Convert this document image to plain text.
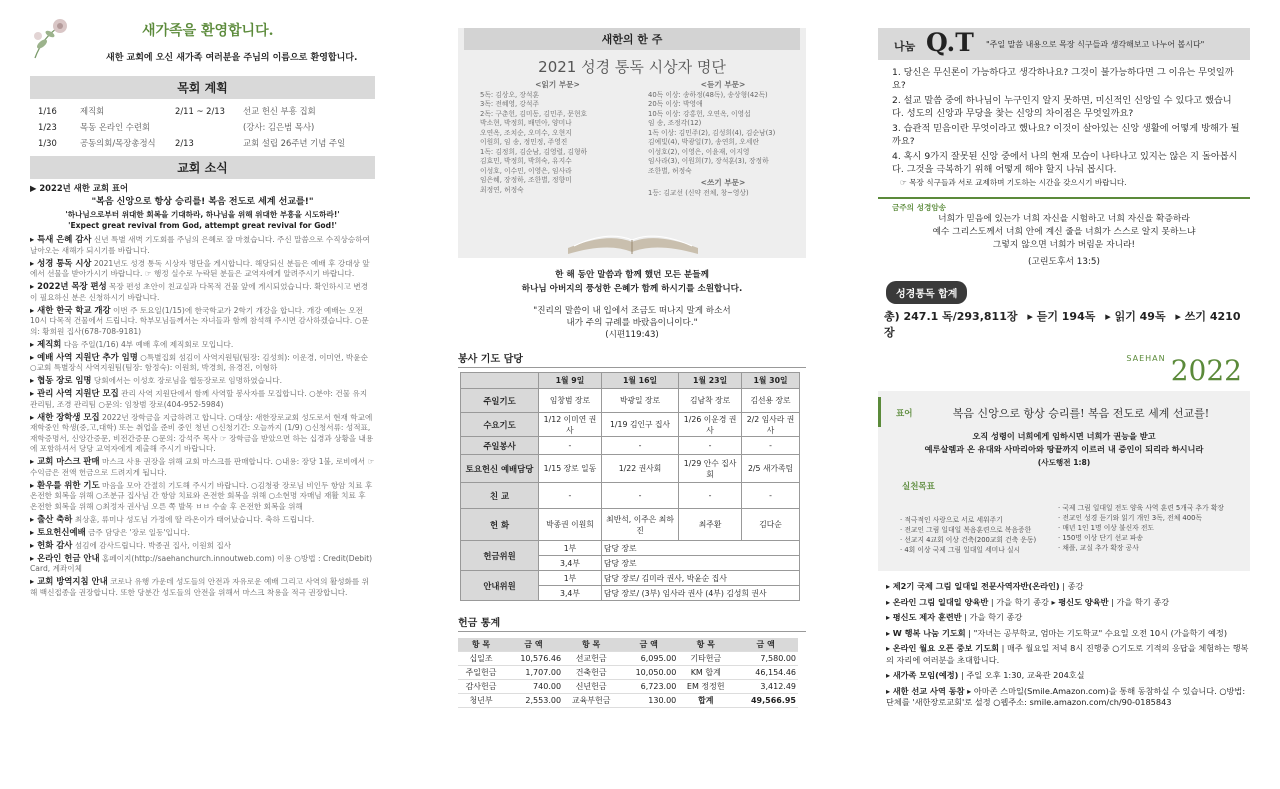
새가족을 환영합니다.
새한 교회에 오신 새가족 여러분을 주님의 이름으로 환영합니다.
목회 계획
1/16	제직회	2/11 ~ 2/13	선교 헌신 부흥 집회
1/23	목동 온라인 수련회		(강사: 김은범 목사)
1/30	공동의회/목장총정식	2/13	교회 설립 26주년 기념 주일
교회 소식
▶ 2022년 새한 교회 표어
"복음 신앙으로 항상 승리를! 복음 전도로 세계 선교를!"
'하나님으로부터 위대한 회복을 기대하라, 하나님을 위해 위대한 부흥을 시도하라!'
'Expect great revival from God, attempt great revival for God!'
▸ 특새 은혜 감사 신년 특별 새벽 기도회를 주님의 은혜로 잘 마쳤습니다. 주신 말씀으로 수직상승하여 날아오는 새해가 되시기를 바랍니다.
▸ 성경 통독 시상 2021년도 성경 통독 시상자 명단을 게시합니다. 해당되신 분들은 예배 후 강대상 앞에서 선물을 받아가시기 바랍니다. ☞ 행정 실수로 누락된 분들은 교역자에게 알려주시기 바랍니다.
▸ 2022년 목장 편성 목장 편성 초안이 친교실과 다목적 건물 앞에 게시되었습니다. 확인하시고 변경이 필요하신 분은 신청하시기 바랍니다.
▸ 새한 한국 학교 개강 이번 주 토요일(1/15)에 한국학교가 2학기 개강을 합니다. 개강 예배는 오전 10시 다목적 건물에서 드립니다. 학부모님들께서는 자녀들과 함께 참석해 주시면 감사하겠습니다. ○문의: 황희원 집사(678-708-9181)
▸ 제직회 다음 주일(1/16) 4부 예배 후에 제직회로 모입니다.
▸ 예배 사역 지원단 추가 임명 ○특별집회 섬김이 사역지원팀(팀장: 김성희): 이운경, 이미연, 박윤순 ○교회 특별장식 사역지원팀(팀장: 함정숙): 이원희, 박경희, 유경진, 이형하
▸ 협동 장로 임명 당회에서는 이성호 장로님을 협동장로로 임명하였습니다.
▸ 관리 사역 지원단 모집 관리 사역 지원단에서 함께 사역할 봉사자를 모집합니다. ○분야: 건물 유지 관리팀, 조경 관리팀 ○문의: 임창범 장로(404-952-5984)
▸ 새한 장학생 모집 2022년 장학금을 지급하려고 합니다. ○대상: 새한장로교회 성도로서 현재 학교에 재학중인 학생(중,고,대학) 또는 취업을 준비 중인 청년 ○신청기간: 오늘까지 (1/9) ○신청서류: 성적표, 재학증명서, 신앙간증문, 비전간증문 ○문의: 강석주 목사 ☞ 장학금을 받았으면 하는 십경과 상황을 내용에 포함하셔서 당당 교역자에게 제출해 주시기 바랍니다.
▸ 교회 마스크 판매 마스크 사용 권장을 위해 교회 마스크를 판매합니다. ○내용: 장당 1불, 로비에서 ☞ 수익금은 전액 헌금으로 드려지게 됩니다.
▸ 환우를 위한 기도 마음을 모아 간절히 기도해 주시기 바랍니다. ○김청광 장로님 비인두 항암 치료 후 온전한 회복을 위해 ○조분규 집사님 간 항암 치료와 온전한 회복을 위해 ○소현명 자매님 재활 치료 후 온전한 회복을 위해 ○최정자 권사님 오른 쪽 발목 ㅂㅂ 수술 후 온전한 회복을 위해
▸ 출산 축하 최상훈, 류미나 성도님 가정에 딸 라온이가 태어났습니다. 축하 드립니다.
▸ 토요헌신예배 금주 담당은 '장로 일동'입니다.
▸ 헌화 감사 섬김에 감사드립니다. 박종권 집사, 이원희 집사
▸ 온라인 헌금 안내 홈페이지(http://saehanchurch.innoutweb.com) 이용 ○방법 : Credit(Debit) Card, 계좌이체
▸ 교회 방역지침 안내 코로나 유행 가운데 성도들의 안전과 자유로운 예배 그리고 사역의 활성화를 위해 백신접종을 권장합니다. 또한 당분간 성도들의 안전을 위해서 마스크 착용을 적극 권장합니다.
새한의 한 주
2021 성경 통독 시상자 명단
<읽기 부문>
5독: 김상오, 장석훈
3독: 전혜영, 강석주
2독: 구춘헌, 김미동, 김민주, 문현호
박소현, 박정희, 배민아, 양미나
오연옥, 조치순, 오미수, 오현지
이원희, 임 송, 정민정, 주영진
1독: 김정희, 김순남, 김영렬, 김형하
김효민, 박정희, 박희숙, 유지수
이성호, 이수민, 이영은, 임사라
임은혜, 장정하, 조한별, 정향미
최정연, 허정숙
<듣기 부문>
40독 이상: 송하정(48독), 송상형(42독)
20독 이상: 박영애
10독 이상: 강홍헌, 오연옥, 이영섭
임 송, 조정각(12)
1독 이상: 김민주(2), 김성희(4), 김순남(3)
김예빛(4), 박광일(7), 송연희, 오세란
이성호(2), 이영은, 이윤재, 이지영
임사라(3), 이원희(7), 장석훈(3), 장정하
조한별, 허정숙
<쓰기 부문>
1등: 김교선 (신약 전체, 창~영상)
한 해 동안 말씀과 함께 했던 모든 분들께
하나님 아버지의 풍성한 은혜가 함께 하시기를 소원합니다.
"진리의 말씀이 내 입에서 조금도 떠나지 말게 하소서
내가 주의 규례를 바랐음이니이다."
(시편119:43)
봉사 기도 담당
	1월 9일	1월 16일	1월 23일	1월 30일
주일기도	임창범 장로	박광일 장로	김남착 장로	김선용 장로
수요기도	1/12 이미연 권사	1/19 김인구 집사	1/26 이운경 권사	2/2 임사라 권사
주일봉사	-	-	-	-
토요헌신 예배담당	1/15 장로 일동	1/22 권사회	1/29 안수 집사회	2/5 새가족팀
친 교	-	-	-	-
헌 화	박종권 이원희	최반석, 이주은 최하진	최주환	김다순
헌금위원	1부	담당 장로		
	3,4부	담당 장로		
안내위원	1부	담당 장로/ 김미라 권사, 박윤순 집사		
	3,4부	담당 장로/ (3부) 임사라 권사 (4부) 김성희 권사		
헌금 통계
항 목	금 액	항 목	금 액	항 목	금 액
십일조	10,576.46	선교헌금	6,095.00	기타헌금	7,580.00
주일헌금	1,707.00	건축헌금	10,050.00	KM 합계	46,154.46
감사헌금	740.00	신년헌금	6,723.00	EM 정정헌	3,412.49
청년부	2,553.00	교육부헌금	130.00	합계	49,566.95
나눔 Q.T "주일 말씀 내용으로 목장 식구들과 생각해보고 나누어 봅시다"
1. 당신은 무신론이 가능하다고 생각하나요? 그것이 불가능하다면 그 이유는 무엇일까요?
2. 설교 말씀 중에 하나님이 누구인지 알지 못하면, 미신적인 신앙일 수 있다고 했습니다. 성도의 신앙과 무당을 찾는 신앙의 차이점은 무엇일까요?
3. 습관적 믿음이란 무엇이라고 했나요? 이것이 살아있는 신앙 생활에 어떻게 방해가 될까요?
4. 혹시 9가지 잘못된 신앙 중에서 나의 현재 모습이 나타나고 있지는 않은 지 돌아봅시다. 그것을 극복하기 위해 어떻게 해야 할지 나눠 봅시다.
☞ 목장 식구들과 서로 교제하며 기도하는 시간을 갖으시기 바랍니다.
금주의 성경암송
너희가 믿음에 있는가 너희 자신을 시험하고 너희 자신을 확증하라
예수 그리스도께서 너희 안에 계신 줄을 너희가 스스로 알지 못하느냐
그렇지 않으면 너희가 버림운 자니라!
(고린도후서 13:5)
성경통독 합계
총) 247.1 독/293,811장 ▸ 듣기 194독 ▸ 읽기 49독 ▸ 쓰기 4210장
$^{SAEHAN}$ 2022
표어	복음 신앙으로 항상 승리를! 복음 전도로 세계 선교를!
오직 성령이 너희에게 임하시면 너희가 권능을 받고
예루살렘과 온 유대와 사마리아와 땅끝까지 이르러 내 증인이 되리라 하시니라
(사도행전 1:8)
실천목표
· 적극적인 사랑으로 서로 세워주기
· 전교인 그림 일대일 복음훈련으로 복음증한
· 선교지 4교회 이상 건축(200교회 건축 운동)
· 4회 이상 국제 그림 일대일 세미나 실시
· 국제 그림 일대일 전도 양육 사역 훈련 5개국 추가 확장
· 전교인 성경 듣기와 읽기 개인 3독, 전체 400독
· 매년 1인 1명 이상 불신자 전도
· 150명 이상 단기 선교 파송
· 채플, 교실 추가 확장 공사
▸ 제2기 국제 그림 일대일 전문사역자반(온라인) | 종강
▸ 온라인 그림 일대일 양육반 | 가을 학기 종강 ▸ 평신도 양육반 | 가을 학기 종강
▸ 평신도 제자 훈련반 | 가을 학기 종강
▸ W 행복 나눔 기도회 | "자녀는 공부학교, 엄마는 기도학교" 수요일 오전 10시 (가을학기 예정)
▸ 온라인 월요 오픈 중보 기도회 | 매주 월요일 저녁 8시 진행중 ○기도로 기적의 응답을 체험하는 행복의 자리에 여러분을 초대합니다.
▸ 새가족 모임(예정) | 주일 오후 1:30, 교육관 204호실
▸ 새한 선교 사역 동참 ▸ 아마존 스마일(Smile.Amazon.com)을 통해 동참하실 수 있습니다. ○방법: 단체를 '새한장로교회'로 설정 ○웹주소: smile.amazon.com/ch/90-0185843
